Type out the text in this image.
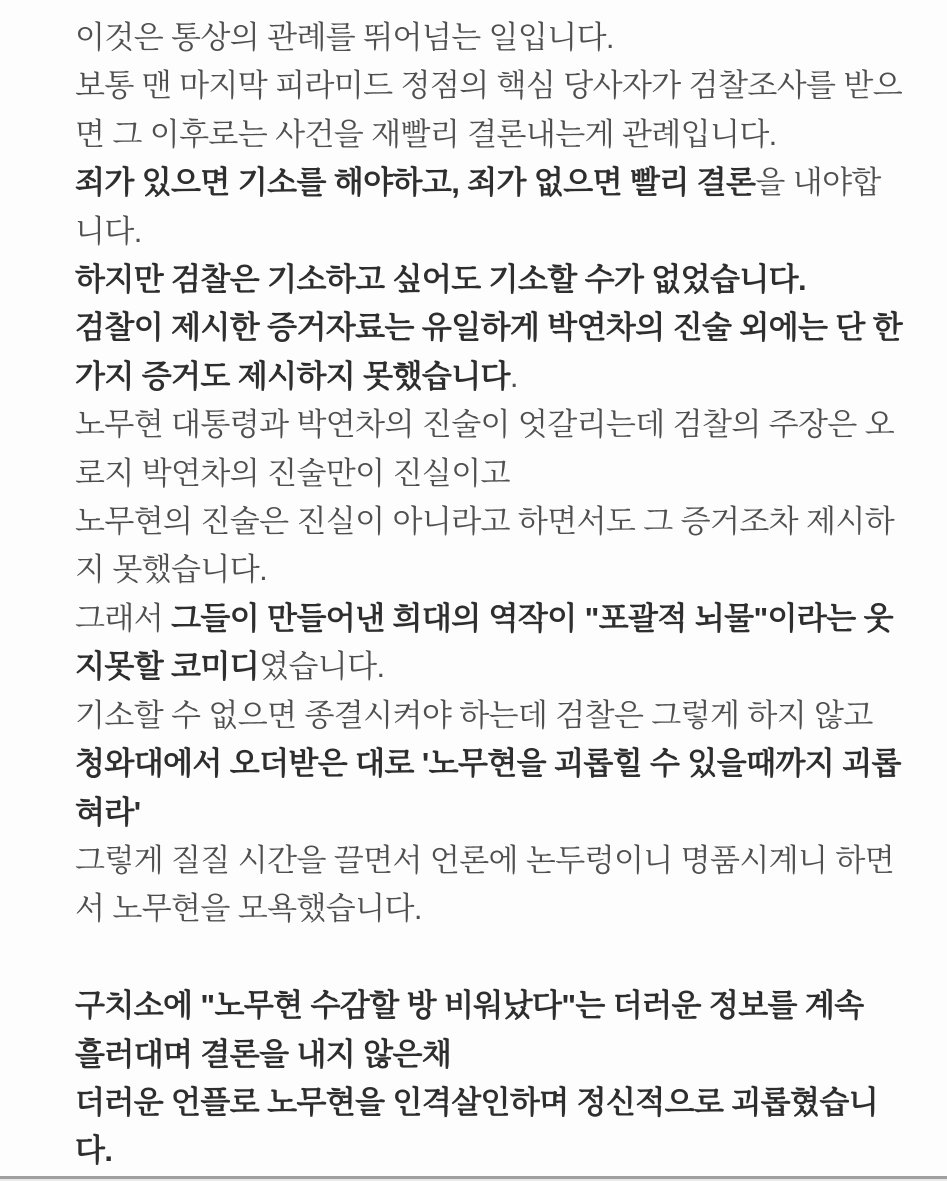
이것은 통상의 관례를 뛰어넘는 일입니다.
보통 맨 마지막 피라미드 정점의 핵심 당사자가 검찰조사를 받으
면 그 이후로는 사건을 재빨리 결론내는게 관례입니다.
죄가 있으면 기소를 해야하고, 죄가 없으면 빨리 결론을 내야합
니다.
하지만 검찰은 기소하고 싶어도 기소할 수가 없었습니다.
검찰이 제시한 증거자료는 유일하게 박연차의 진술 외에는 단 한
가지 증거도 제시하지 못했습니다.
노무현 대통령과 박연차의 진술이 엇갈리는데 검찰의 주장은 오
로지 박연차의 진술만이 진실이고
노무현의 진술은 진실이 아니라고 하면서도 그 증거조차 제시하
지 못했습니다.
그래서 그들이 만들어낸 희대의 역작이 "포괄적 뇌물"이라는 웃
지못할 코미디였습니다.
기소할 수 없으면 종결시켜야 하는데 검찰은 그렇게 하지 않고
청와대에서 오더받은 대로 '노무현을 괴롭힐 수 있을때까지 괴롭
혀라'
그렇게 질질 시간을 끌면서 언론에 논두렁이니 명품시계니 하면
서 노무현을 모욕했습니다.
구치소에 "노무현 수감할 방 비워났다"는 더러운 정보를 계속
흘러대며 결론을 내지 않은채
더러운 언플로 노무현을 인격살인하며 정신적으로 괴롭혔습니
다.
